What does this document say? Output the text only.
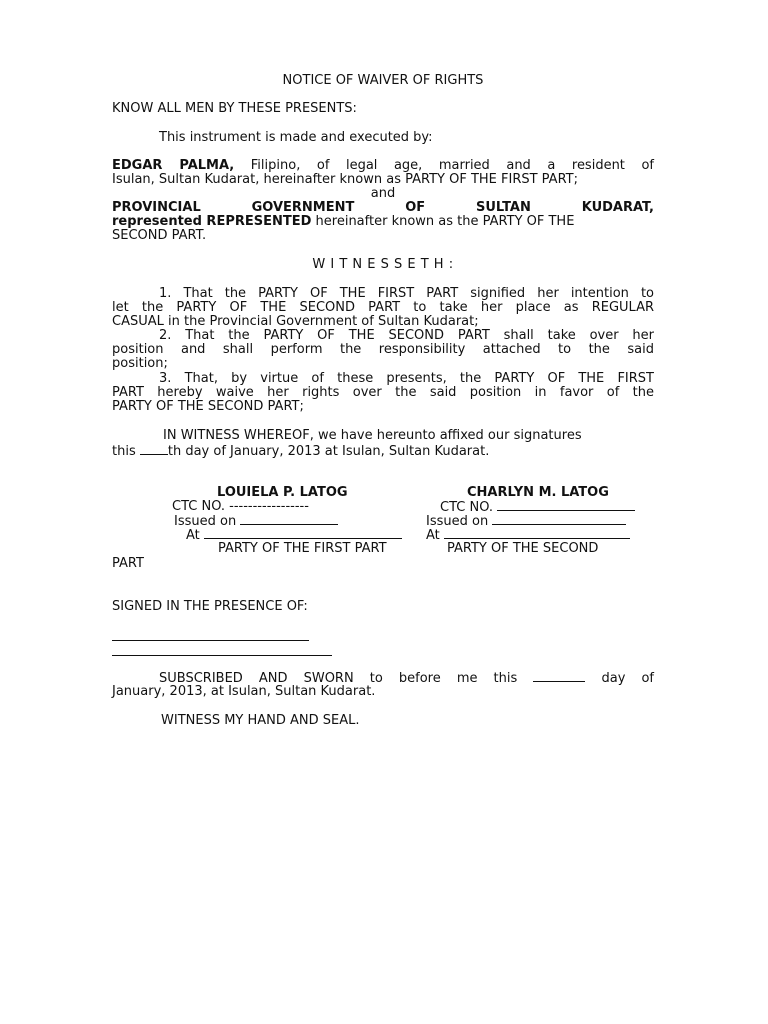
NOTICE OF WAIVER OF RIGHTS
KNOW ALL MEN BY THESE PRESENTS:
This instrument is made and executed by:
EDGAR PALMA, Filipino, of legal age, married and a resident of
Isulan, Sultan Kudarat, hereinafter known as PARTY OF THE FIRST PART;
and
PROVINCIAL GOVERNMENT OF SULTAN KUDARAT,
represented REPRESENTED hereinafter known as the PARTY OF THE
SECOND PART.
W I T N E S S E T H :
1. That the PARTY OF THE FIRST PART signified her intention to
let the PARTY OF THE SECOND PART to take her place as REGULAR
CASUAL in the Provincial Government of Sultan Kudarat;
2. That the PARTY OF THE SECOND PART shall take over her
position and shall perform the responsibility attached to the said
position;
3. That, by virtue of these presents, the PARTY OF THE FIRST
PART hereby waive her rights over the said position in favor of the
PARTY OF THE SECOND PART;
IN WITNESS WHEREOF, we have hereunto affixed our signatures
this th day of January, 2013 at Isulan, Sultan Kudarat.
LOUIELA P. LATOG
CTC NO. -----------------
Issued on
At
PARTY OF THE FIRST PART
CHARLYN M. LATOG
CTC NO.
Issued on
At
PARTY OF THE SECOND
PART
SIGNED IN THE PRESENCE OF:
SUBSCRIBED AND SWORN to before me this	day of
January, 2013, at Isulan, Sultan Kudarat.
WITNESS MY HAND AND SEAL.
